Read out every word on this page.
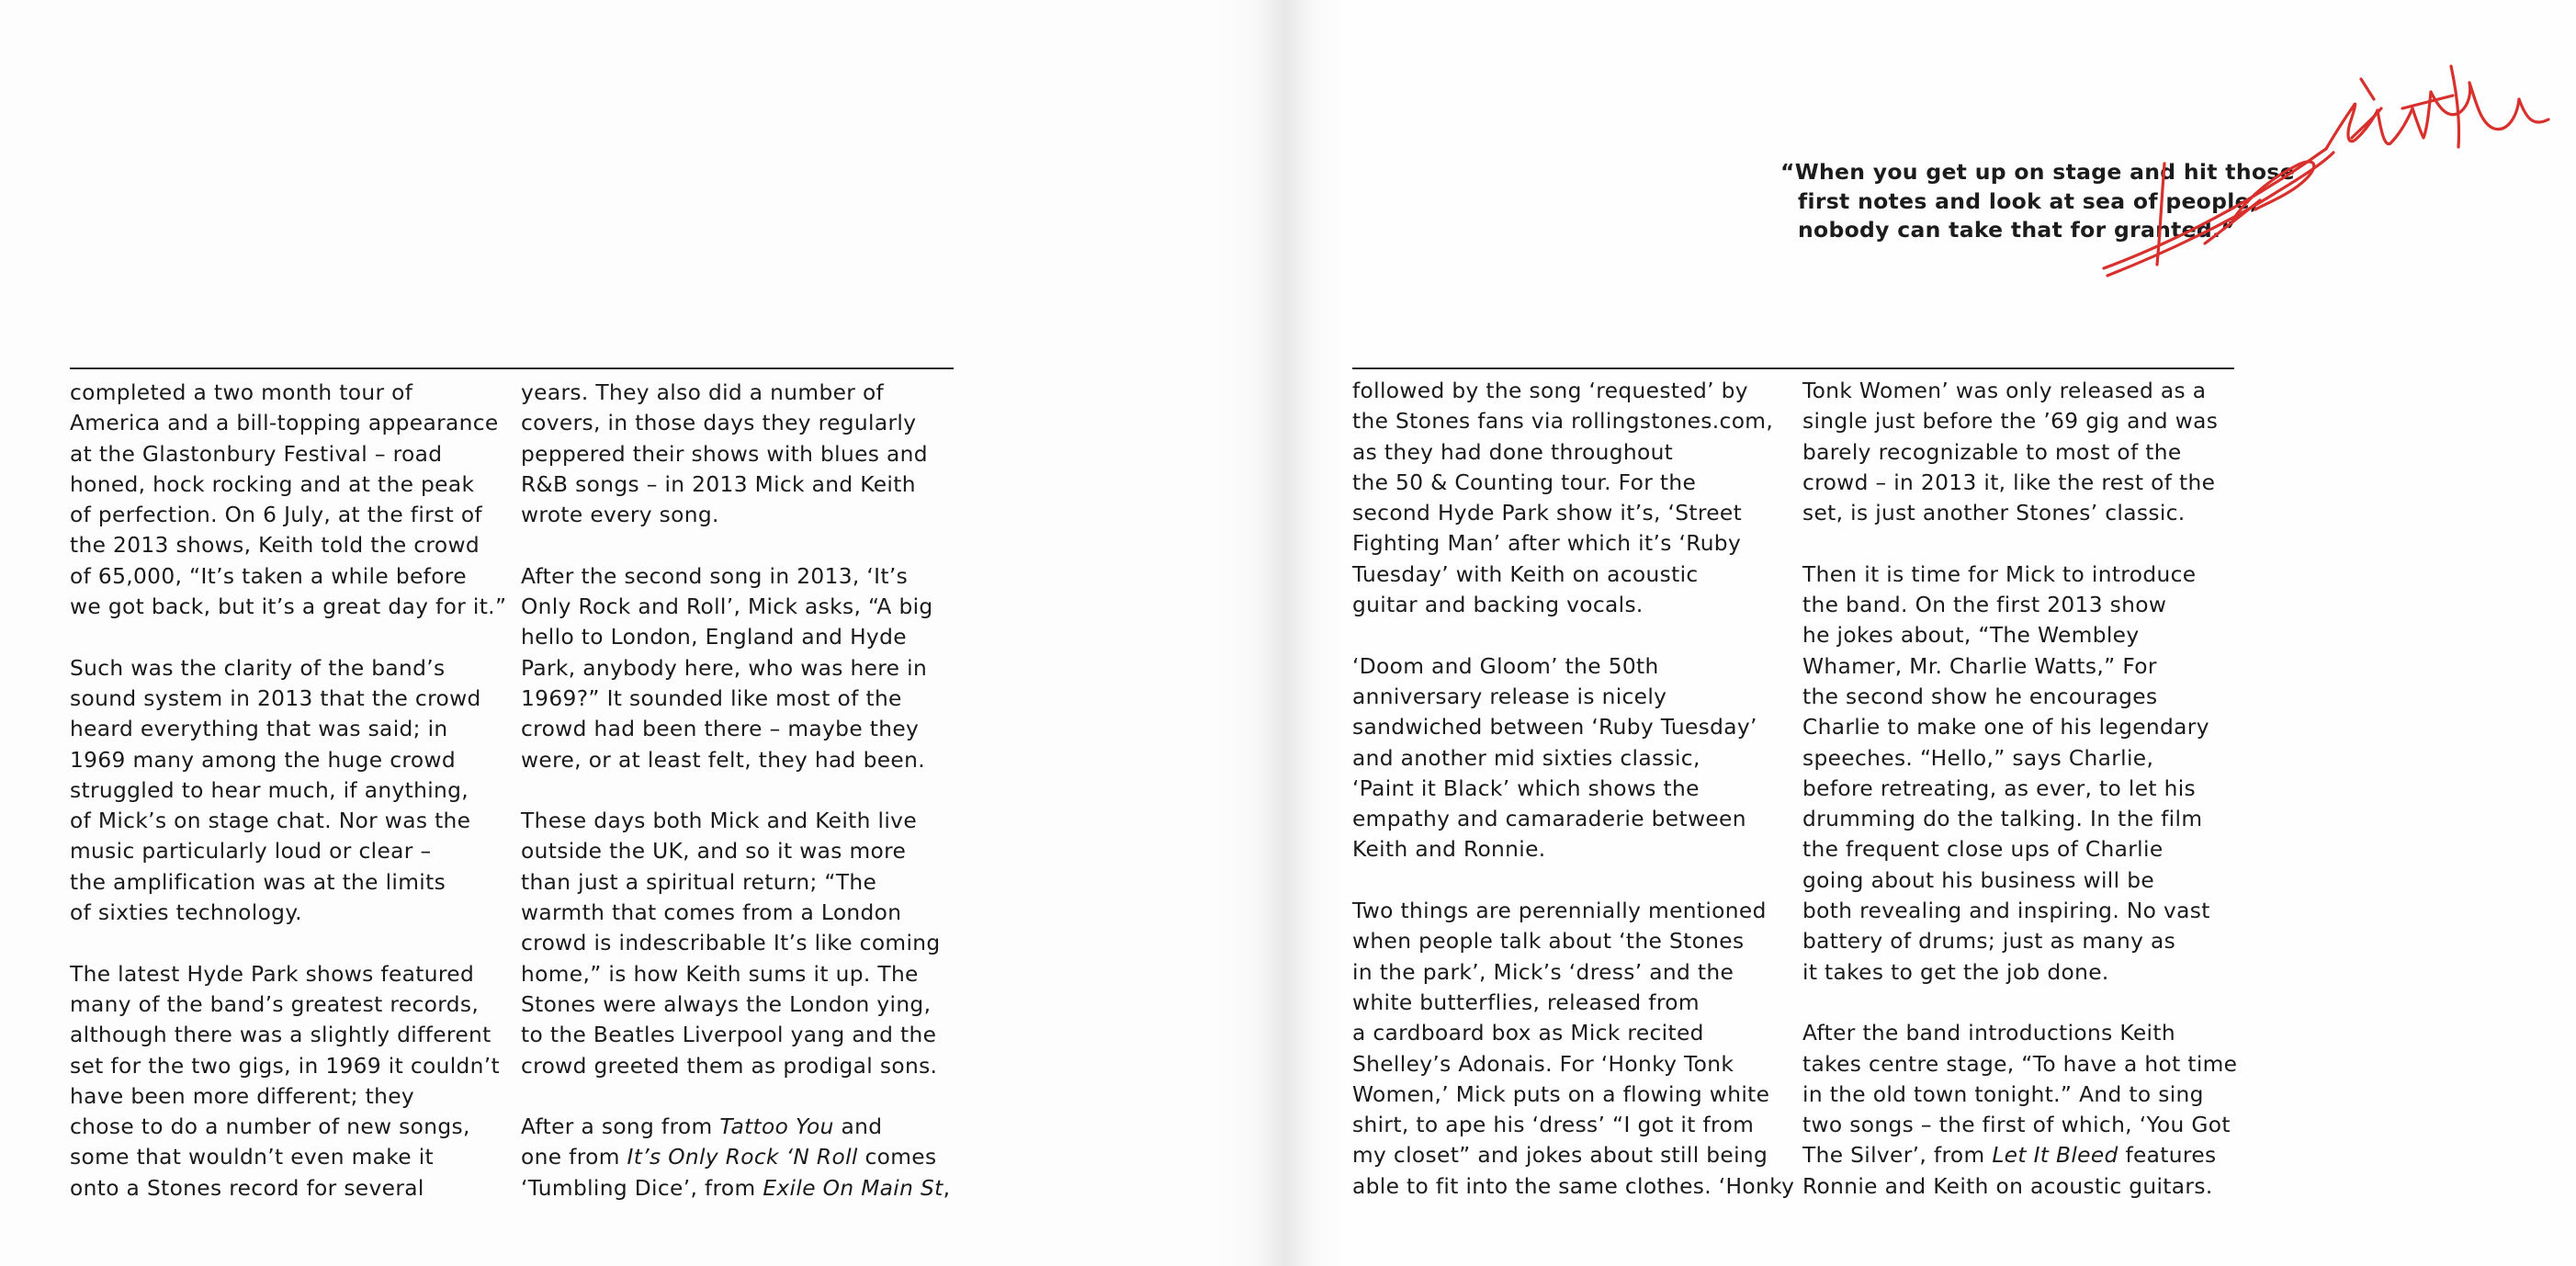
“When you get up on stage and hit those
first notes and look at sea of people,
nobody can take that for granted.”
Keith
completed a two month tour of
America and a bill-topping appearance
at the Glastonbury Festival – road
honed, hock rocking and at the peak
of perfection. On 6 July, at the first of
the 2013 shows, Keith told the crowd
of 65,000, “It’s taken a while before
we got back, but it’s a great day for it.”
Such was the clarity of the band’s
sound system in 2013 that the crowd
heard everything that was said; in
1969 many among the huge crowd
struggled to hear much, if anything,
of Mick’s on stage chat. Nor was the
music particularly loud or clear –
the amplification was at the limits
of sixties technology.
The latest Hyde Park shows featured
many of the band’s greatest records,
although there was a slightly different
set for the two gigs, in 1969 it couldn’t
have been more different; they
chose to do a number of new songs,
some that wouldn’t even make it
onto a Stones record for several
years. They also did a number of
covers, in those days they regularly
peppered their shows with blues and
R&B songs – in 2013 Mick and Keith
wrote every song.
After the second song in 2013, ‘It’s
Only Rock and Roll’, Mick asks, “A big
hello to London, England and Hyde
Park, anybody here, who was here in
1969?” It sounded like most of the
crowd had been there – maybe they
were, or at least felt, they had been.
These days both Mick and Keith live
outside the UK, and so it was more
than just a spiritual return; “The
warmth that comes from a London
crowd is indescribable It’s like coming
home,” is how Keith sums it up. The
Stones were always the London ying,
to the Beatles Liverpool yang and the
crowd greeted them as prodigal sons.
After a song from Tattoo You and
one from It’s Only Rock ‘N Roll comes
‘Tumbling Dice’, from Exile On Main St,
followed by the song ‘requested’ by
the Stones fans via rollingstones.com,
as they had done throughout
the 50 & Counting tour. For the
second Hyde Park show it’s, ‘Street
Fighting Man’ after which it’s ‘Ruby
Tuesday’ with Keith on acoustic
guitar and backing vocals.
‘Doom and Gloom’ the 50th
anniversary release is nicely
sandwiched between ‘Ruby Tuesday’
and another mid sixties classic,
‘Paint it Black’ which shows the
empathy and camaraderie between
Keith and Ronnie.
Two things are perennially mentioned
when people talk about ‘the Stones
in the park’, Mick’s ‘dress’ and the
white butterflies, released from
a cardboard box as Mick recited
Shelley’s Adonais. For ‘Honky Tonk
Women,’ Mick puts on a flowing white
shirt, to ape his ‘dress’ “I got it from
my closet” and jokes about still being
able to fit into the same clothes. ‘Honky
Tonk Women’ was only released as a
single just before the ’69 gig and was
barely recognizable to most of the
crowd – in 2013 it, like the rest of the
set, is just another Stones’ classic.
Then it is time for Mick to introduce
the band. On the first 2013 show
he jokes about, “The Wembley
Whamer, Mr. Charlie Watts,” For
the second show he encourages
Charlie to make one of his legendary
speeches. “Hello,” says Charlie,
before retreating, as ever, to let his
drumming do the talking. In the film
the frequent close ups of Charlie
going about his business will be
both revealing and inspiring. No vast
battery of drums; just as many as
it takes to get the job done.
After the band introductions Keith
takes centre stage, “To have a hot time
in the old town tonight.” And to sing
two songs – the first of which, ‘You Got
The Silver’, from Let It Bleed features
Ronnie and Keith on acoustic guitars.
